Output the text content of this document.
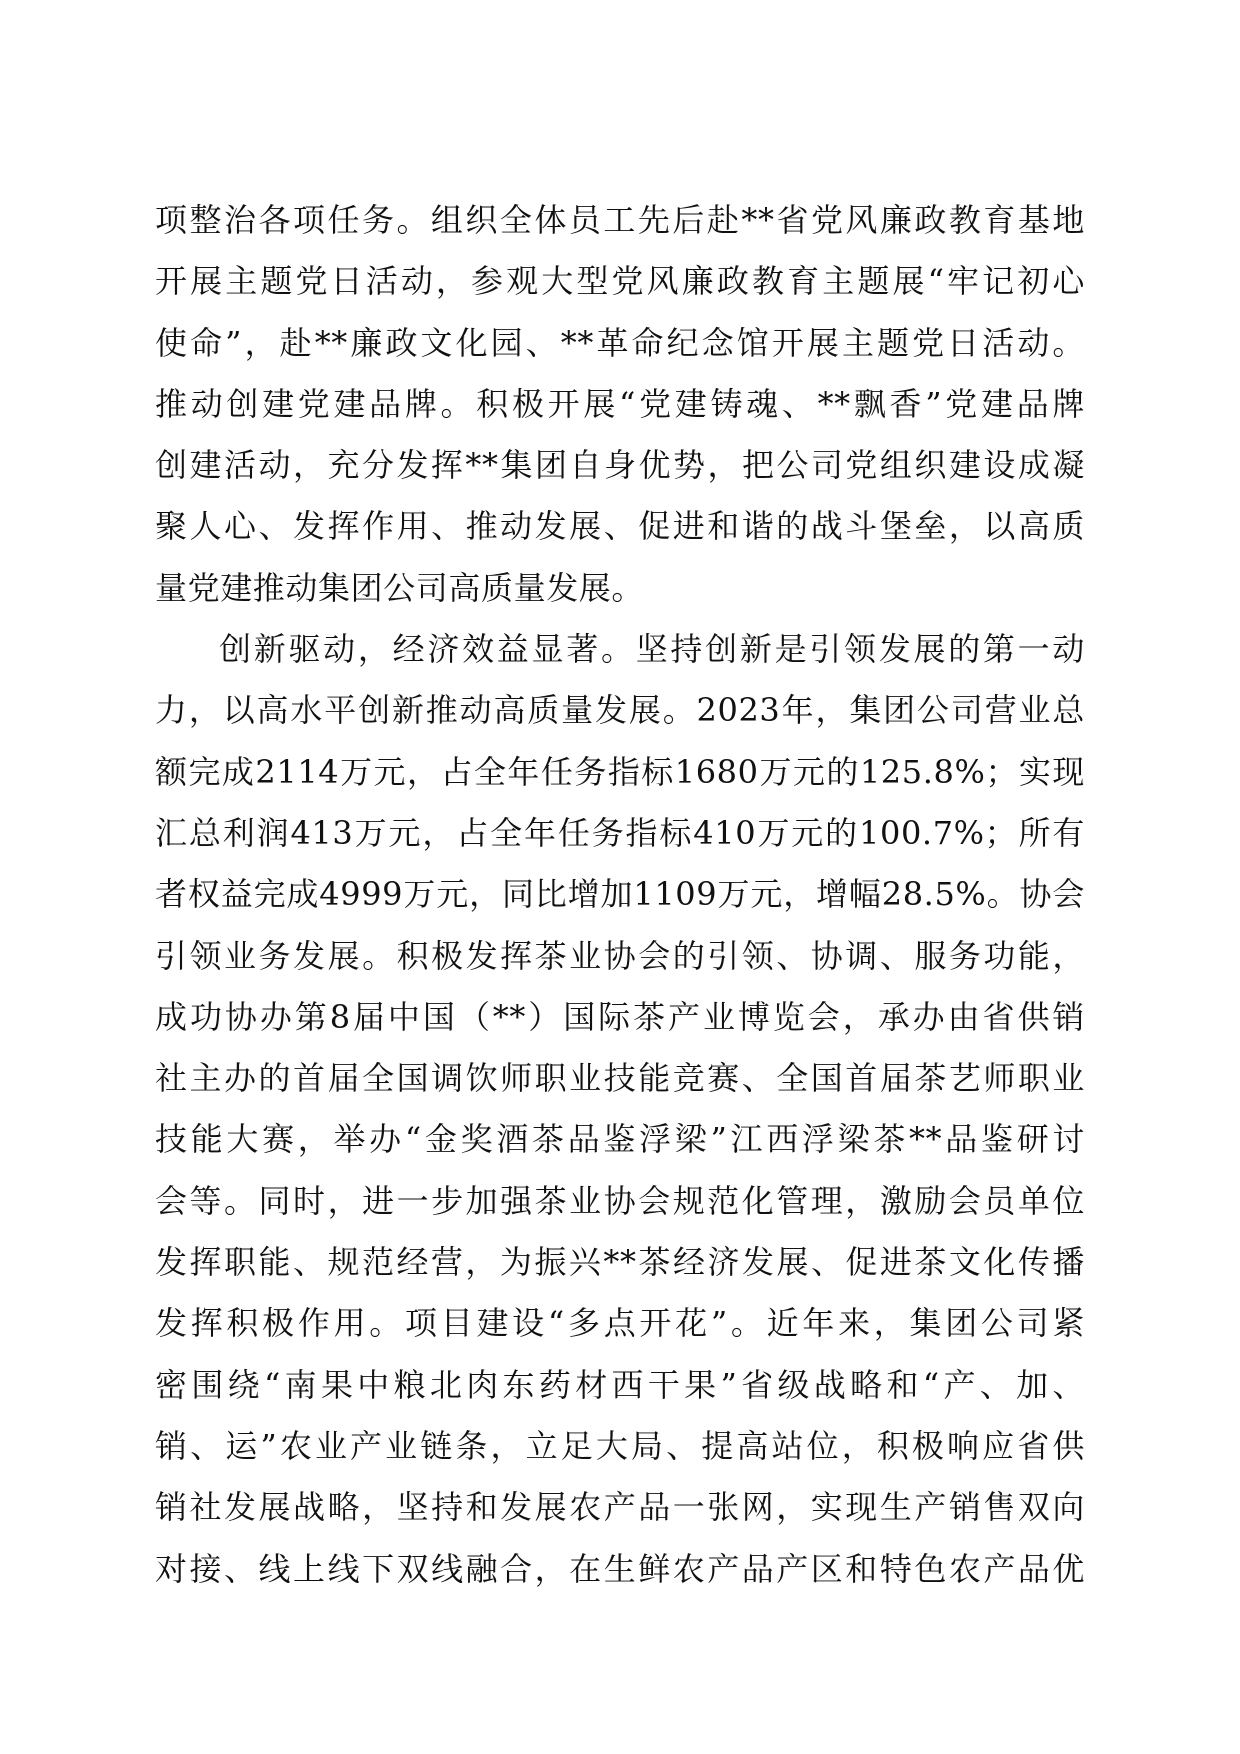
项整治各项任务。组织全体员工先后赴**省党风廉政教育基地
开展主题党日活动，参观大型党风廉政教育主题展“牢记初心
使命”，赴**廉政文化园、**革命纪念馆开展主题党日活动。
推动创建党建品牌。积极开展“党建铸魂、**飘香”党建品牌
创建活动，充分发挥**集团自身优势，把公司党组织建设成凝
聚人心、发挥作用、推动发展、促进和谐的战斗堡垒，以高质
量党建推动集团公司高质量发展。
创新驱动，经济效益显著。坚持创新是引领发展的第一动
力，以高水平创新推动高质量发展。2023年，集团公司营业总
额完成2114万元，占全年任务指标1680万元的125.8%；实现
汇总利润413万元，占全年任务指标410万元的100.7%；所有
者权益完成4999万元，同比增加1109万元，增幅28.5%。协会
引领业务发展。积极发挥茶业协会的引领、协调、服务功能，
成功协办第8届中国（**）国际茶产业博览会，承办由省供销
社主办的首届全国调饮师职业技能竞赛、全国首届茶艺师职业
技能大赛，举办“金奖酒茶品鉴浮梁”江西浮梁茶**品鉴研讨
会等。同时，进一步加强茶业协会规范化管理，激励会员单位
发挥职能、规范经营，为振兴**茶经济发展、促进茶文化传播
发挥积极作用。项目建设“多点开花”。近年来，集团公司紧
密围绕“南果中粮北肉东药材西干果”省级战略和“产、加、
销、运”农业产业链条，立足大局、提高站位，积极响应省供
销社发展战略，坚持和发展农产品一张网，实现生产销售双向
对接、线上线下双线融合，在生鲜农产品产区和特色农产品优
